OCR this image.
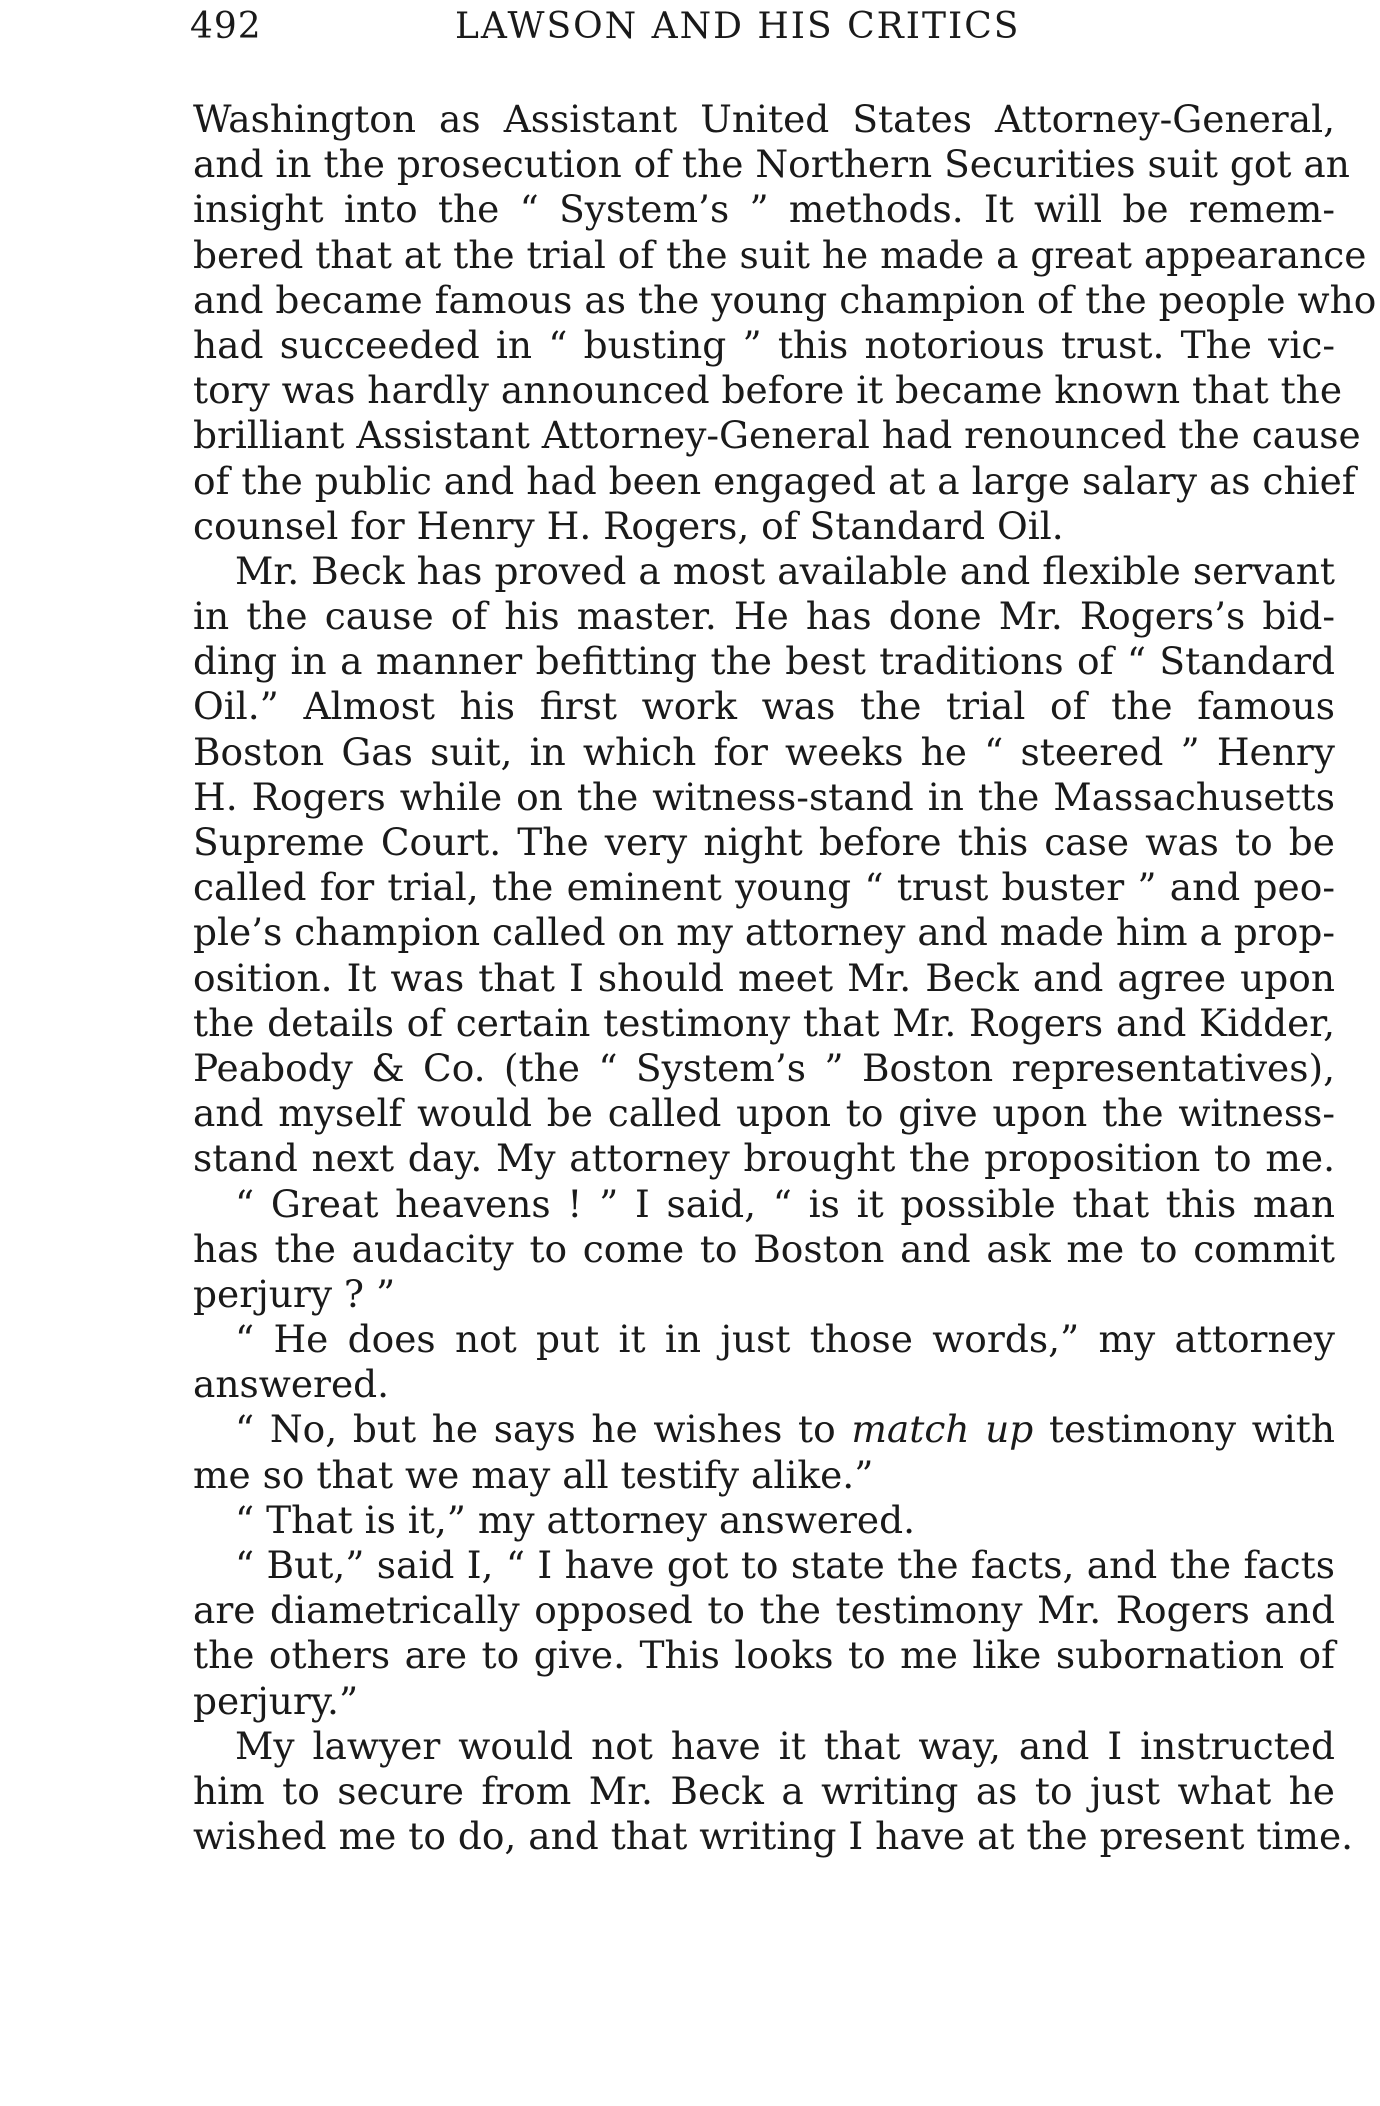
492	LAWSON AND HIS CRITICS
Washington as Assistant United States Attorney-General,
and in the prosecution of the Northern Securities suit got an
insight into the “ System’s ” methods. It will be remem-
bered that at the trial of the suit he made a great appearance
and became famous as the young champion of the people who
had succeeded in “ busting ” this notorious trust. The vic-
tory was hardly announced before it became known that the
brilliant Assistant Attorney-General had renounced the cause
of the public and had been engaged at a large salary as chief
counsel for Henry H. Rogers, of Standard Oil.
Mr. Beck has proved a most available and flexible servant
in the cause of his master. He has done Mr. Rogers’s bid-
ding in a manner befitting the best traditions of “ Standard
Oil.” Almost his first work was the trial of the famous
Boston Gas suit, in which for weeks he “ steered ” Henry
H. Rogers while on the witness-stand in the Massachusetts
Supreme Court. The very night before this case was to be
called for trial, the eminent young “ trust buster ” and peo-
ple’s champion called on my attorney and made him a prop-
osition. It was that I should meet Mr. Beck and agree upon
the details of certain testimony that Mr. Rogers and Kidder,
Peabody & Co. (the “ System’s ” Boston representatives),
and myself would be called upon to give upon the witness-
stand next day. My attorney brought the proposition to me.
“ Great heavens ! ” I said, “ is it possible that this man
has the audacity to come to Boston and ask me to commit
perjury ? ”
“ He does not put it in just those words,” my attorney
answered.
“ No, but he says he wishes to match up testimony with
me so that we may all testify alike.”
“ That is it,” my attorney answered.
“ But,” said I, “ I have got to state the facts, and the facts
are diametrically opposed to the testimony Mr. Rogers and
the others are to give. This looks to me like subornation of
perjury.”
My lawyer would not have it that way, and I instructed
him to secure from Mr. Beck a writing as to just what he
wished me to do, and that writing I have at the present time.
